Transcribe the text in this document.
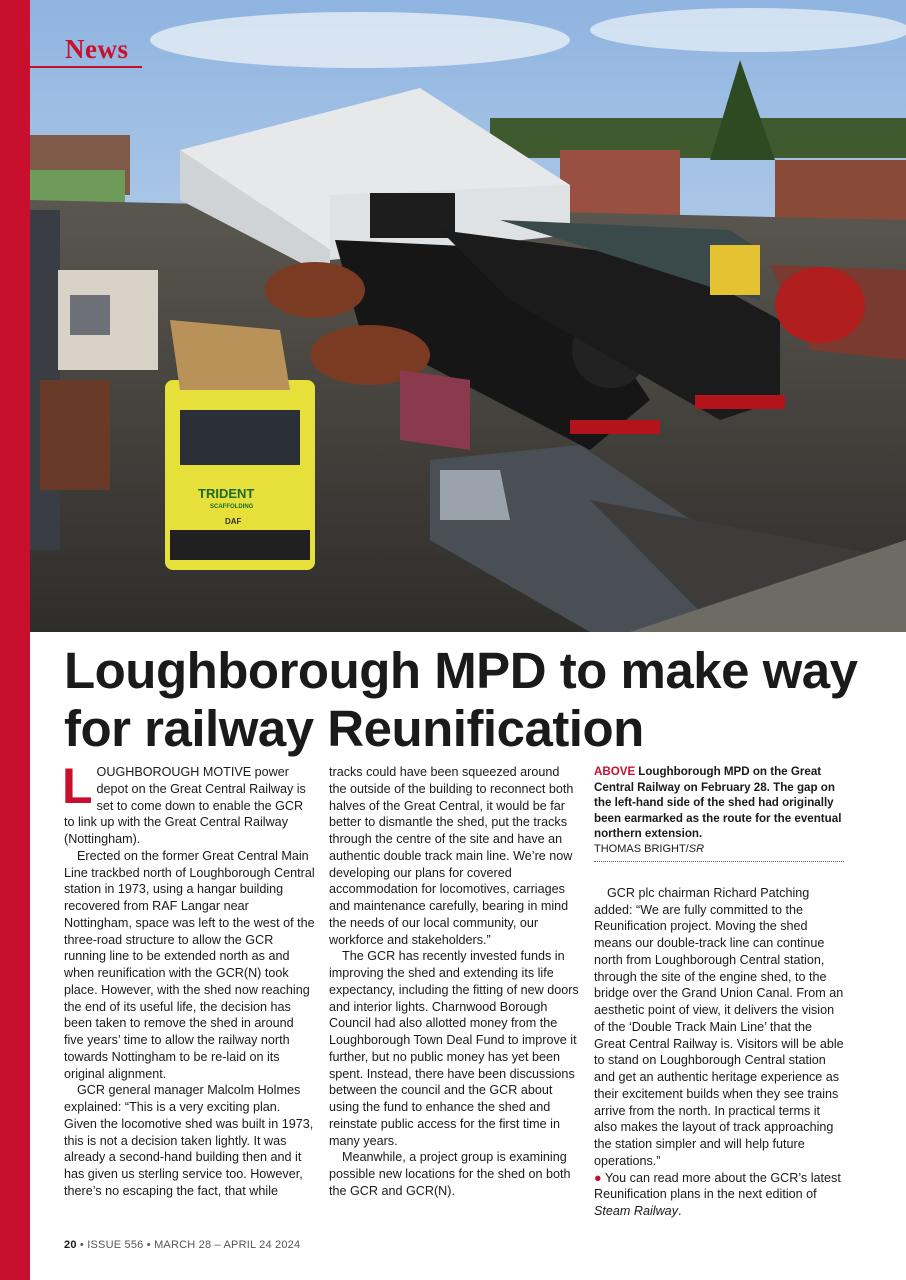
TRIDENT
SCAFFOLDING
DAF
News
Loughborough MPD to make way for railway Reunification

LOUGHBOROUGH MOTIVE power depot on the Great Central Railway is set to come down to enable the GCR to link up with the Great Central Railway (Nottingham).

Erected on the former Great Central Main Line trackbed north of Loughborough Central station in 1973, using a hangar building recovered from RAF Langar near Nottingham, space was left to the west of the three-road structure to allow the GCR running line to be extended north as and when reunification with the GCR(N) took place. However, with the shed now reaching the end of its useful life, the decision has been taken to remove the shed in around five years’ time to allow the railway north towards Nottingham to be re-laid on its original alignment.

GCR general manager Malcolm Holmes explained: “This is a very exciting plan. Given the locomotive shed was built in 1973, this is not a decision taken lightly. It was already a second-hand building then and it has given us sterling service too. However, there’s no escaping the fact, that while

tracks could have been squeezed around the outside of the building to reconnect both halves of the Great Central, it would be far better to dismantle the shed, put the tracks through the centre of the site and have an authentic double track main line. We’re now developing our plans for covered accommodation for locomotives, carriages and maintenance carefully, bearing in mind the needs of our local community, our workforce and stakeholders.”

The GCR has recently invested funds in improving the shed and extending its life expectancy, including the fitting of new doors and interior lights. Charnwood Borough Council had also allotted money from the Loughborough Town Deal Fund to improve it further, but no public money has yet been spent. Instead, there have been discussions between the council and the GCR about using the fund to enhance the shed and reinstate public access for the first time in many years.

Meanwhile, a project group is examining possible new locations for the shed on both the GCR and GCR(N).

ABOVE Loughborough MPD on the Great Central Railway on February 28. The gap on the left-hand side of the shed had originally been earmarked as the route for the eventual northern extension.
THOMAS BRIGHT/SR

GCR plc chairman Richard Patching added: “We are fully committed to the Reunification project. Moving the shed means our double-track line can continue north from Loughborough Central station, through the site of the engine shed, to the bridge over the Grand Union Canal. From an aesthetic point of view, it delivers the vision of the ‘Double Track Main Line’ that the Great Central Railway is. Visitors will be able to stand on Loughborough Central station and get an authentic heritage experience as their excitement builds when they see trains arrive from the north. In practical terms it also makes the layout of track approaching the station simpler and will help future operations.”

● You can read more about the GCR’s latest Reunification plans in the next edition of Steam Railway.

20 • ISSUE 556 • MARCH 28 – APRIL 24 2024
